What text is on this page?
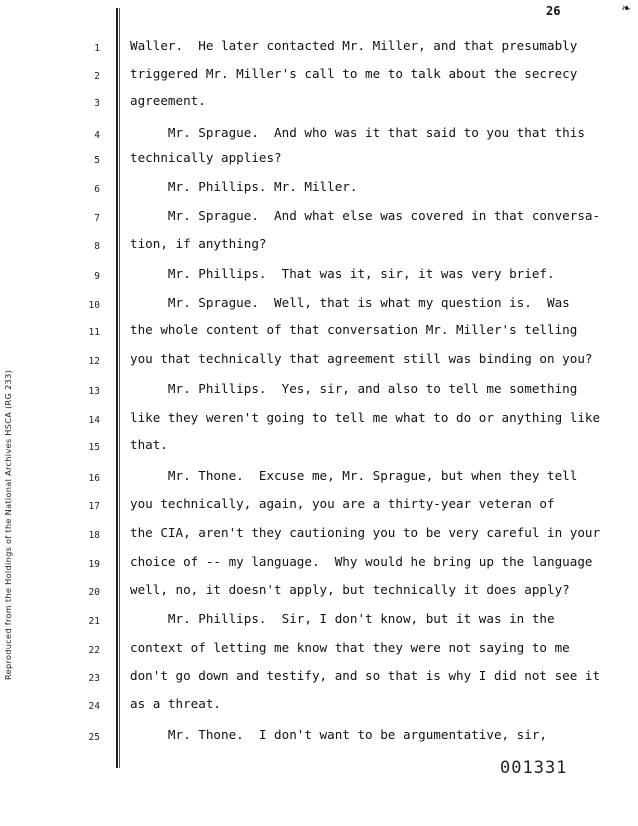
26	❧
Reproduced from the Holdings of the National Archives HSCA (RG 233)
1 Waller.  He later contacted Mr. Miller, and that presumably
2 triggered Mr. Miller's call to me to talk about the secrecy
3 agreement.
4 Mr. Sprague.  And who was it that said to you that this
5 technically applies?
6 Mr. Phillips. Mr. Miller.
7 Mr. Sprague.  And what else was covered in that conversa-
8 tion, if anything?
9 Mr. Phillips.  That was it, sir, it was very brief.
10 Mr. Sprague.  Well, that is what my question is.  Was
11 the whole content of that conversation Mr. Miller's telling
12 you that technically that agreement still was binding on you?
13 Mr. Phillips.  Yes, sir, and also to tell me something
14 like they weren't going to tell me what to do or anything like
15 that.
16 Mr. Thone.  Excuse me, Mr. Sprague, but when they tell
17 you technically, again, you are a thirty-year veteran of
18 the CIA, aren't they cautioning you to be very careful in your
19 choice of -- my language.  Why would he bring up the language
20 well, no, it doesn't apply, but technically it does apply?
21 Mr. Phillips.  Sir, I don't know, but it was in the
22 context of letting me know that they were not saying to me
23 don't go down and testify, and so that is why I did not see it
24 as a threat.
25 Mr. Thone.  I don't want to be argumentative, sir,
001331
